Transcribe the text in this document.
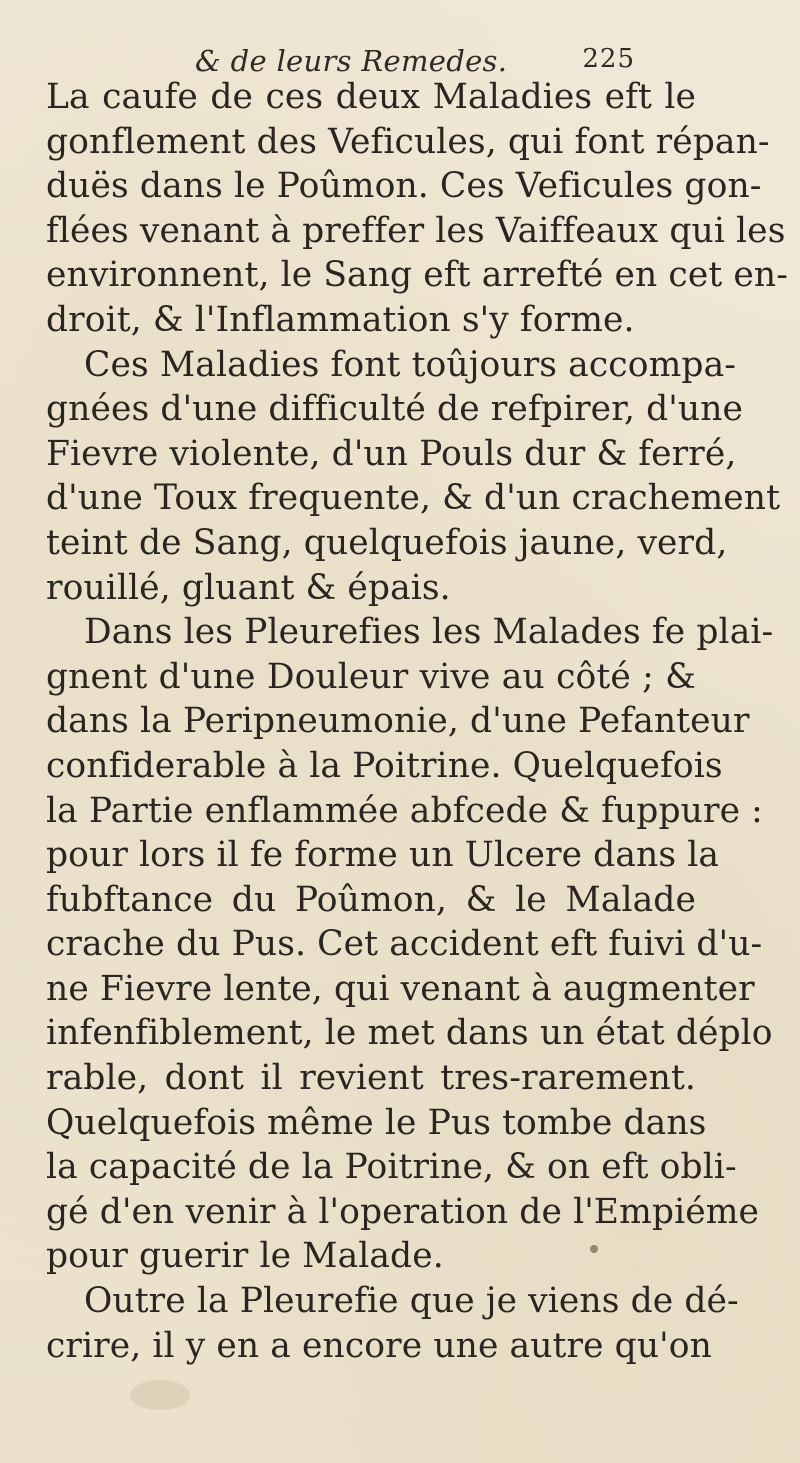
& de leurs Remedes.	225
La caufe de ces deux Maladies eft le
gonflement des Veficules, qui font répan-
duës dans le Poûmon. Ces Veficules gon-
flées venant à preffer les Vaiffeaux qui les
environnent, le Sang eft arrefté en cet en-
droit, & l'Inflammation s'y forme.
Ces Maladies font toûjours accompa-
gnées d'une difficulté de refpirer, d'une
Fievre violente, d'un Pouls dur & ferré,
d'une Toux frequente, & d'un crachement
teint de Sang, quelquefois jaune, verd,
rouillé, gluant & épais.
Dans les Pleurefies les Malades fe plai-
gnent d'une Douleur vive au côté ; &
dans la Peripneumonie, d'une Pefanteur
confiderable à la Poitrine. Quelquefois
la Partie enflammée abfcede & fuppure :
pour lors il fe forme un Ulcere dans la
fubftance du Poûmon, & le Malade
crache du Pus. Cet accident eft fuivi d'u-
ne Fievre lente, qui venant à augmenter
infenfiblement, le met dans un état déplo
rable, dont il revient tres-rarement.
Quelquefois même le Pus tombe dans
la capacité de la Poitrine, & on eft obli-
gé d'en venir à l'operation de l'Empiéme
pour guerir le Malade.
Outre la Pleurefie que je viens de dé-
crire, il y en a encore une autre qu'on
